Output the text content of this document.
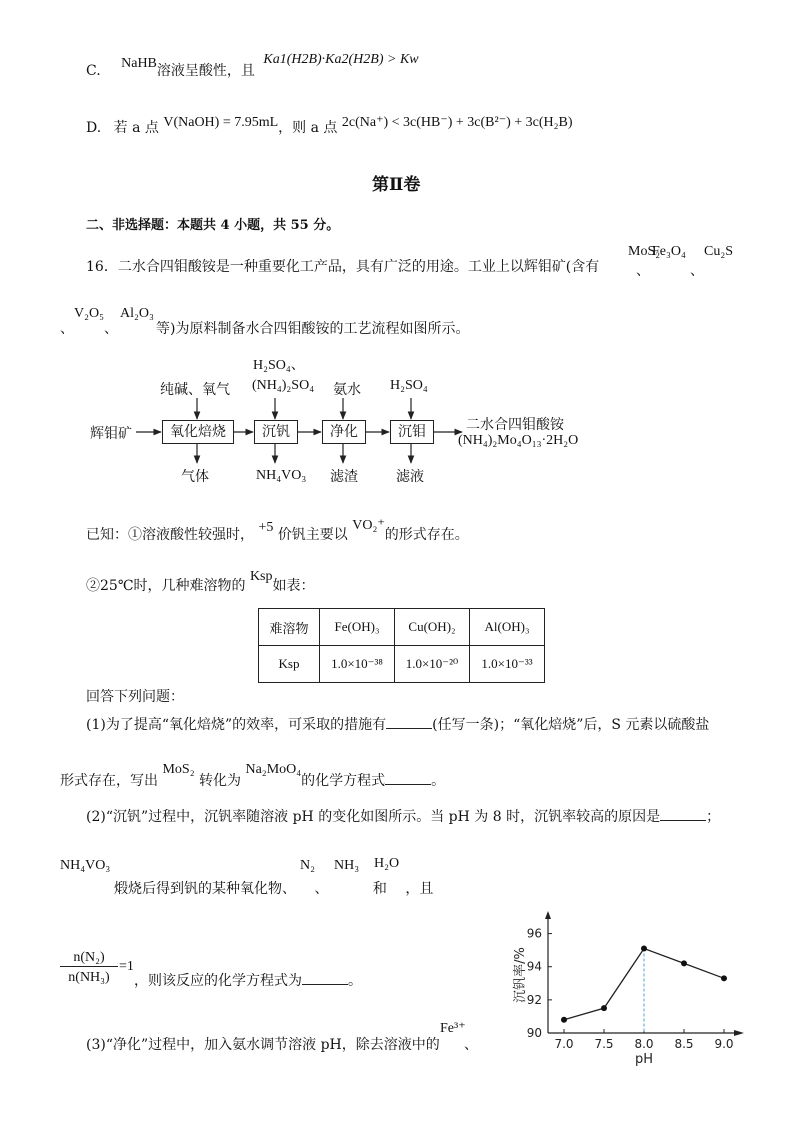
C. NaHB溶液呈酸性，且 Ka1(H2B)·Ka2(H2B) > Kw
D. 若 a 点 V(NaOH) = 7.95mL，则 a 点 2c(Na⁺) < 3c(HB⁻) + 3c(B²⁻) + 3c(H₂B)
第Ⅱ卷
二、非选择题：本题共 4 小题，共 55 分。
16．二水合四钼酸铵是一种重要化工产品，具有广泛的用途。工业上以辉钼矿(含有
MoS₂
、
Fe₃O₄
、
Cu₂S
、
V₂O₅
、
Al₂O₃
等)为原料制备水合四钼酸铵的工艺流程如图所示。
H₂SO₄、
纯碱、氧气 (NH₄)₂SO₄ 氨水 H₂SO₄
辉钼矿	氧化焙烧	沉钒	净化	沉钼	二水合四钼酸铵
(NH₄)₂Mo₄O₁₃·2H₂O
气体	NH₄VO₃ 滤渣	滤液
已知：①溶液酸性较强时， +5 价钒主要以 VO₂⁺的形式存在。
②25℃时，几种难溶物的 Ksp如表：
难溶物	Fe(OH)₃	Cu(OH)₂	Al(OH)₃
Ksp	1.0×10⁻³⁸	1.0×10⁻²⁰	1.0×10⁻³³
回答下列问题：
(1)为了提高“氧化焙烧”的效率，可采取的措施有	(任写一条)；“氧化焙烧”后，S 元素以硫酸盐
形式存在，写出 MoS₂ 转化为 Na₂MoO₄的化学方程式	。
(2)“沉钒”过程中，沉钒率随溶液 pH 的变化如图所示。当 pH 为 8 时，沉钒率较高的原因是	；
NH₄VO₃	N₂ NH₃ H₂O
煅烧后得到钒的某种氧化物、 、	和 ，且
n(N₂)
n(NH₃)
=1
，则该反应的化学方程式为	。
(3)“净化”过程中，加入氨水调节溶液 pH，除去溶液中的
Fe³⁺
、	7.0 7.5 8.0 8.5 9.0
90
92
94
96
pH
沉钒率/%
